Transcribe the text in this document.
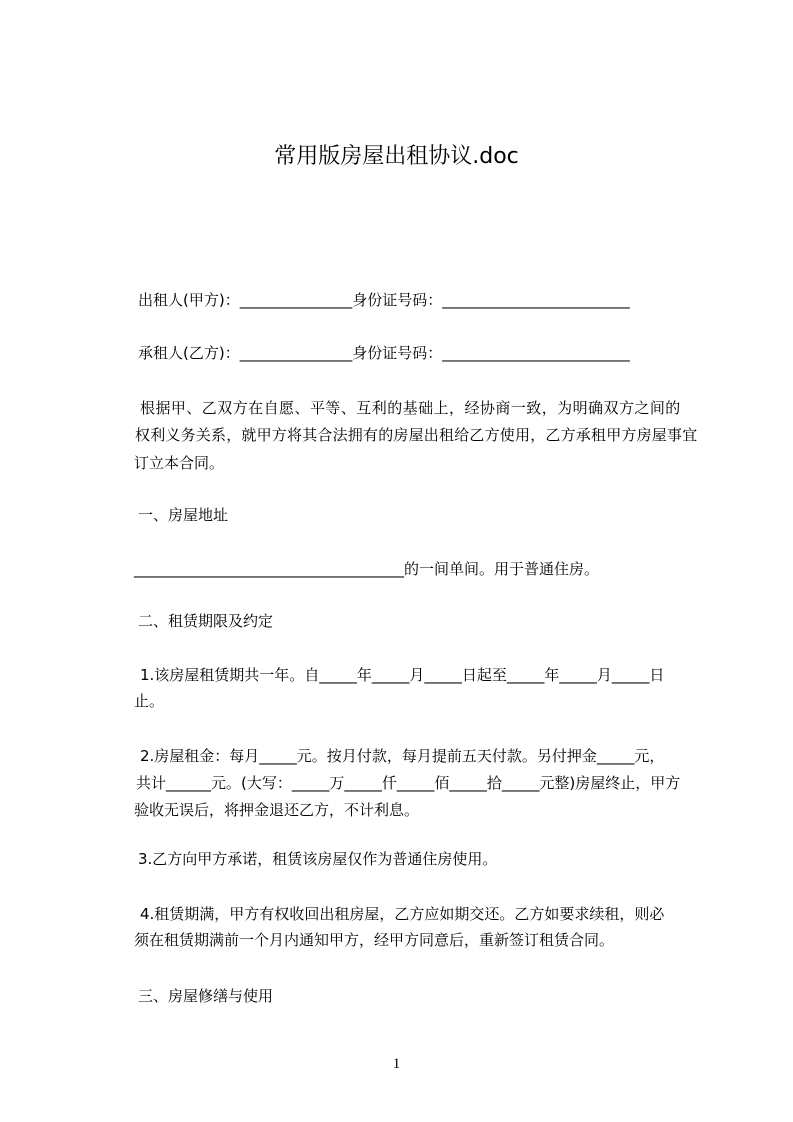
常用版房屋出租协议.doc
出租人(甲方)：_______________身份证号码：_________________________
承租人(乙方)：_______________身份证号码：_________________________
根据甲、乙双方在自愿、平等、互利的基础上，经协商一致，为明确双方之间的
权利义务关系，就甲方将其合法拥有的房屋出租给乙方使用，乙方承租甲方房屋事宜
订立本合同。
一、房屋地址
____________________________________的一间单间。用于普通住房。
二、租赁期限及约定
1.该房屋租赁期共一年。自_____年_____月_____日起至_____年_____月_____日
止。
2.房屋租金：每月_____元。按月付款，每月提前五天付款。另付押金_____元，
共计______元。(大写：_____万_____仟_____佰_____拾_____元整)房屋终止，甲方
验收无误后，将押金退还乙方，不计利息。
3.乙方向甲方承诺，租赁该房屋仅作为普通住房使用。
4.租赁期满，甲方有权收回出租房屋，乙方应如期交还。乙方如要求续租，则必
须在租赁期满前一个月内通知甲方，经甲方同意后，重新签订租赁合同。
三、房屋修缮与使用
1
